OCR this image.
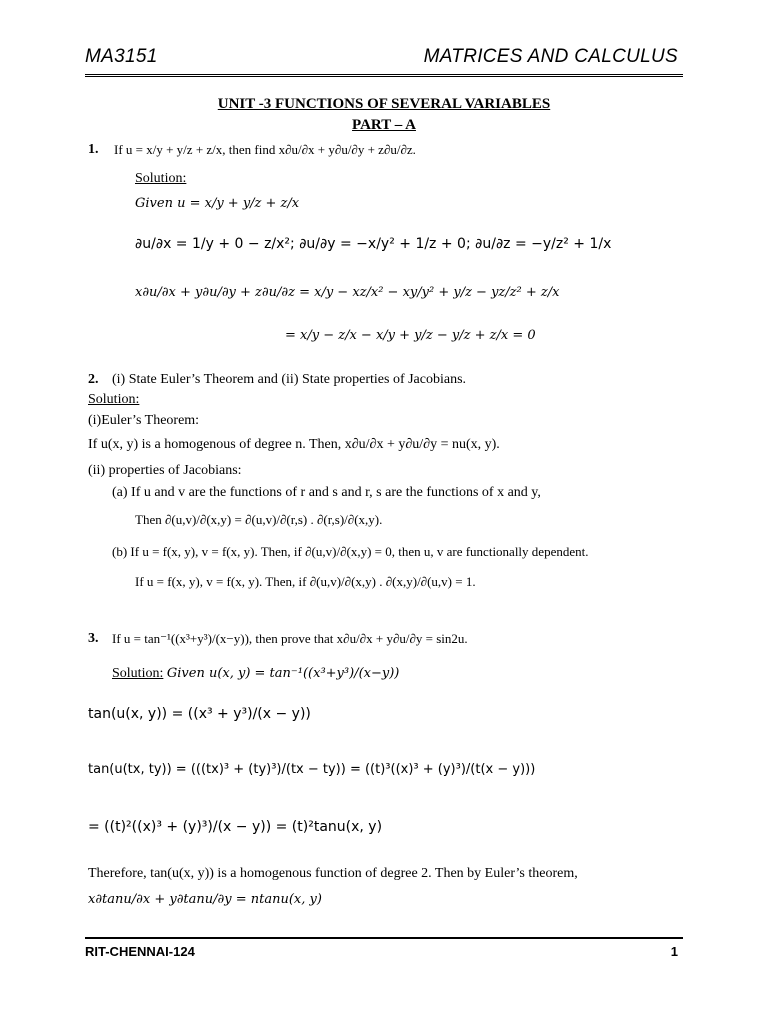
MA3151	MATRICES AND CALCULUS
UNIT -3 FUNCTIONS OF SEVERAL VARIABLES
PART – A
1. If u = x/y + y/z + z/x, then find x∂u/∂x + y∂u/∂y + z∂u/∂z.
Solution:
Given u = x/y + y/z + z/x
∂u/∂x = 1/y + 0 − z/x²; ∂u/∂y = −x/y² + 1/z + 0; ∂u/∂z = −y/z² + 1/x
x∂u/∂x + y∂u/∂y + z∂u/∂z = x/y − xz/x² − xy/y² + y/z − yz/z² + z/x
= x/y − z/x − x/y + y/z − y/z + z/x = 0
2. (i) State Euler’s Theorem and (ii) State properties of Jacobians.
Solution:
(i)Euler’s Theorem:
If u(x, y) is a homogenous of degree n. Then, x∂u/∂x + y∂u/∂y = nu(x, y).
(ii) properties of Jacobians:
(a) If u and v are the functions of r and s and r, s are the functions of x and y,
Then ∂(u,v)/∂(x,y) = ∂(u,v)/∂(r,s) . ∂(r,s)/∂(x,y).
(b) If u = f(x, y), v = f(x, y). Then, if ∂(u,v)/∂(x,y) = 0, then u, v are functionally dependent.
If u = f(x, y), v = f(x, y). Then, if ∂(u,v)/∂(x,y) . ∂(x,y)/∂(u,v) = 1.
3. If u = tan⁻¹((x³+y³)/(x−y)), then prove that x∂u/∂x + y∂u/∂y = sin2u.
Solution: Given u(x, y) = tan⁻¹((x³+y³)/(x−y))
tan(u(x, y)) = ((x³ + y³)/(x − y))
tan(u(tx, ty)) = (((tx)³ + (ty)³)/(tx − ty)) = ((t)³((x)³ + (y)³)/(t(x − y)))
= ((t)²((x)³ + (y)³)/(x − y)) = (t)²tanu(x, y)
Therefore, tan(u(x, y)) is a homogenous function of degree 2. Then by Euler’s theorem,
x∂tanu/∂x + y∂tanu/∂y = ntanu(x, y)
RIT-CHENNAI-124	1
